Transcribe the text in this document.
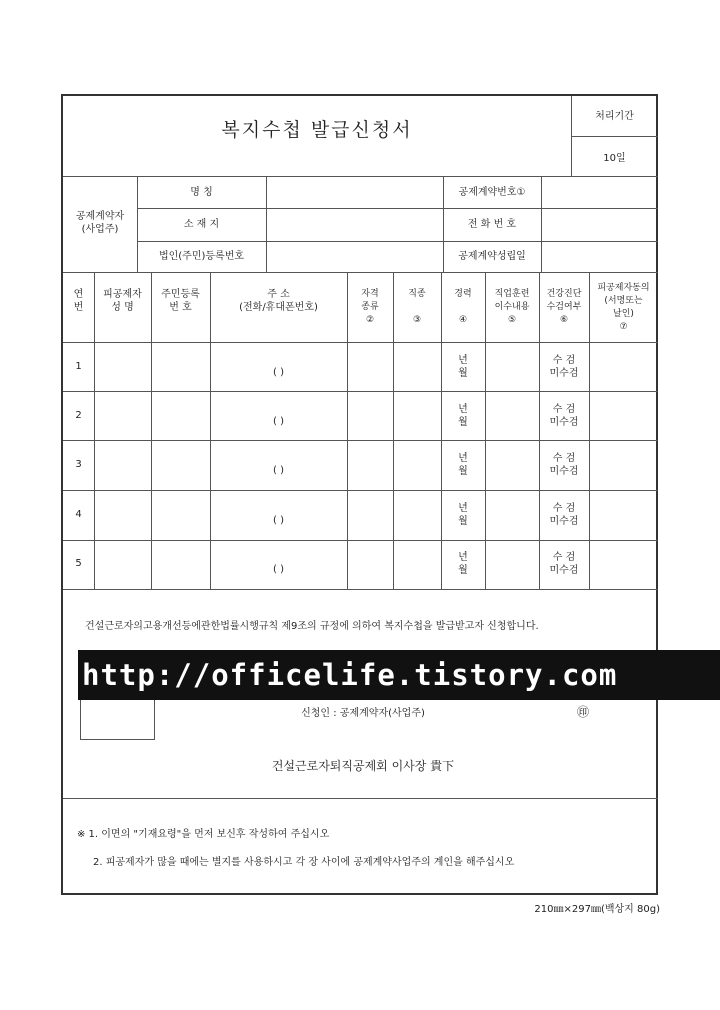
복지수첩 발급신청서
처리기간
10일
공제계약자
(사업주)
명 칭
소 재 지
법인(주민)등록번호
공제계약번호①
전 화 번 호
공제계약성립일
연
번
피공제자
성 명
주민등록
번 호
주 소
(전화/휴대폰번호)
자격
종류
②
직종

③
경력

④
직업훈련
이수내용
⑤
건강진단
수검여부
⑥
피공제자동의
(서명또는
날인)
⑦
1
( )
년
월
수 검
미수검
2
( )
년
월
수 검
미수검
3
( )
년
월
수 검
미수검
4
( )
년
월
수 검
미수검
5
( )
년
월
수 검
미수검
건설근로자의고용개선등에관한법률시행규칙 제9조의 규정에 의하여 복지수첩을 발급받고자 신청합니다.
신청인 : 공제계약자(사업주)	㊞
건설근로자퇴직공제회 이사장 貴下
※ 1. 이면의 "기재요령"을 먼저 보신후 작성하여 주십시오
2. 피공제자가 많을 때에는 별지를 사용하시고 각 장 사이에 공제계약사업주의 계인을 해주십시오
http://officelife.tistory.com
210㎜×297㎜(백상지 80g)
